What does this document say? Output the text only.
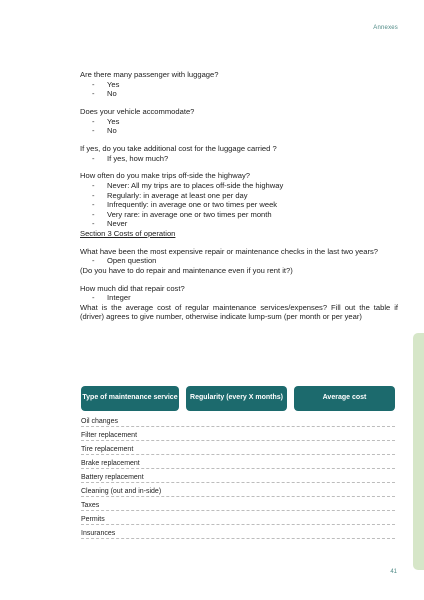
Annexes

Are there many passenger with luggage?

-	Yes
-	No

Does your vehicle accommodate?

-	Yes
-	No

If yes, do you take additional cost for the luggage carried ?

-	If yes, how much?

How often do you make trips off-side the highway?

-	Never: All my trips are to places off-side the highway
-	Regularly: in average at least one per day
-	Infrequently: in average one or two times per week
-	Very rare: in average one or two times per month
-	Never

Section 3 Costs of operation

What have been the most expensive repair or maintenance checks in the last two years?

-	Open question

(Do you have to do repair and maintenance even if you rent it?)

How much did that repair cost?

-	Integer

What is the average cost of regular maintenance services/expenses? Fill out the table if (driver) agrees to give number, otherwise indicate lump-sum (per month or per year)

Type of maintenance service	Regularity (every X months)	Average cost
Oil changes
Filter replacement
Tire replacement
Brake replacement
Battery replacement
Cleaning (out and in-side)
Taxes
Permits
Insurances
41
